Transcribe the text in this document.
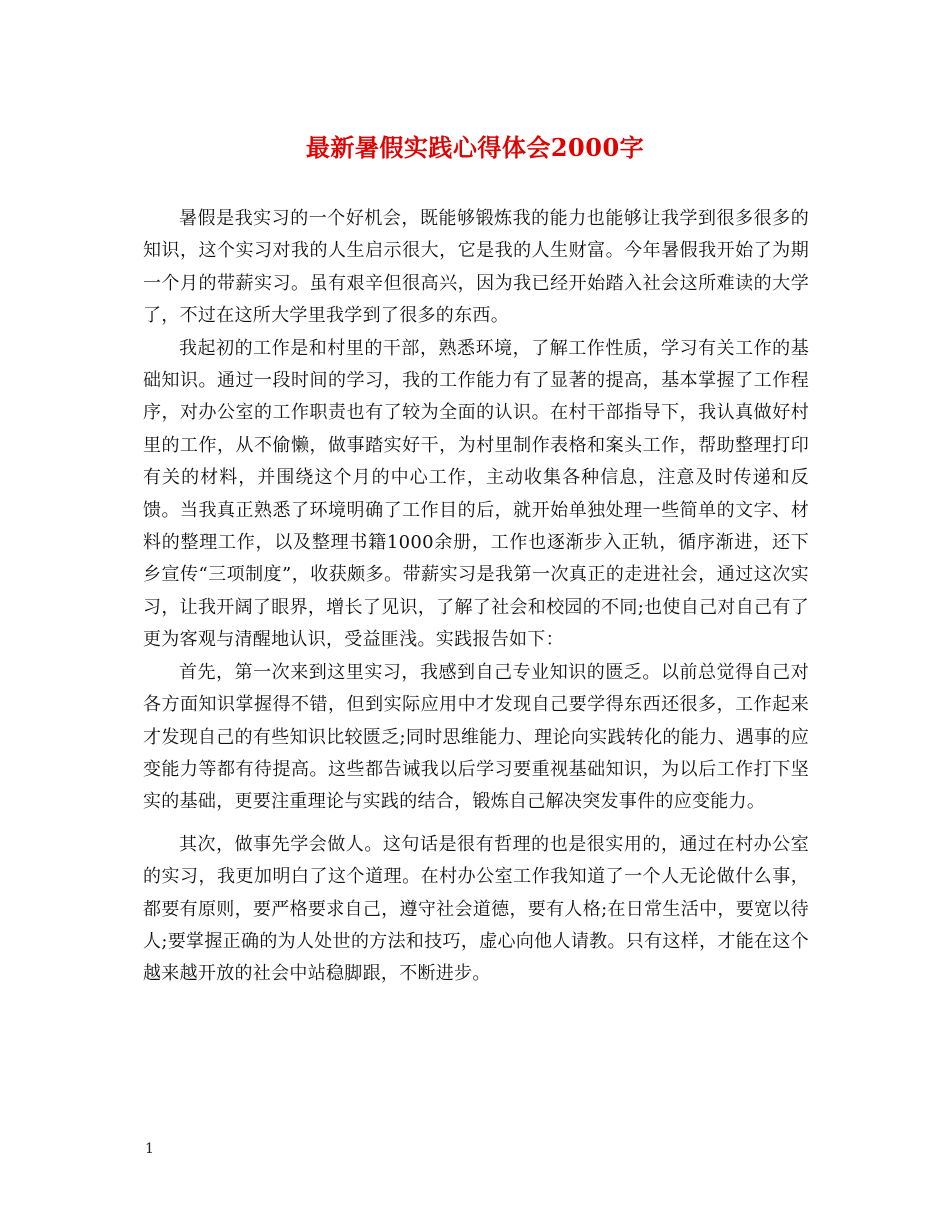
最新暑假实践心得体会2000字

暑假是我实习的一个好机会，既能够锻炼我的能力也能够让我学到很多很多的知识，这个实习对我的人生启示很大，它是我的人生财富。今年暑假我开始了为期一个月的带薪实习。虽有艰辛但很高兴，因为我已经开始踏入社会这所难读的大学了，不过在这所大学里我学到了很多的东西。

我起初的工作是和村里的干部，熟悉环境，了解工作性质，学习有关工作的基础知识。通过一段时间的学习，我的工作能力有了显著的提高，基本掌握了工作程序，对办公室的工作职责也有了较为全面的认识。在村干部指导下，我认真做好村里的工作，从不偷懒，做事踏实好干，为村里制作表格和案头工作，帮助整理打印有关的材料，并围绕这个月的中心工作，主动收集各种信息，注意及时传递和反馈。当我真正熟悉了环境明确了工作目的后，就开始单独处理一些简单的文字、材料的整理工作，以及整理书籍1000余册，工作也逐渐步入正轨，循序渐进，还下乡宣传“三项制度”，收获颇多。带薪实习是我第一次真正的走进社会，通过这次实习，让我开阔了眼界，增长了见识，了解了社会和校园的不同;也使自己对自己有了更为客观与清醒地认识，受益匪浅。实践报告如下：

首先，第一次来到这里实习，我感到自己专业知识的匮乏。以前总觉得自己对各方面知识掌握得不错，但到实际应用中才发现自己要学得东西还很多，工作起来才发现自己的有些知识比较匮乏;同时思维能力、理论向实践转化的能力、遇事的应变能力等都有待提高。这些都告诫我以后学习要重视基础知识，为以后工作打下坚实的基础，更要注重理论与实践的结合，锻炼自己解决突发事件的应变能力。

其次，做事先学会做人。这句话是很有哲理的也是很实用的，通过在村办公室的实习，我更加明白了这个道理。在村办公室工作我知道了一个人无论做什么事，都要有原则，要严格要求自己，遵守社会道德，要有人格;在日常生活中，要宽以待人;要掌握正确的为人处世的方法和技巧，虚心向他人请教。只有这样，才能在这个越来越开放的社会中站稳脚跟，不断进步。

1
